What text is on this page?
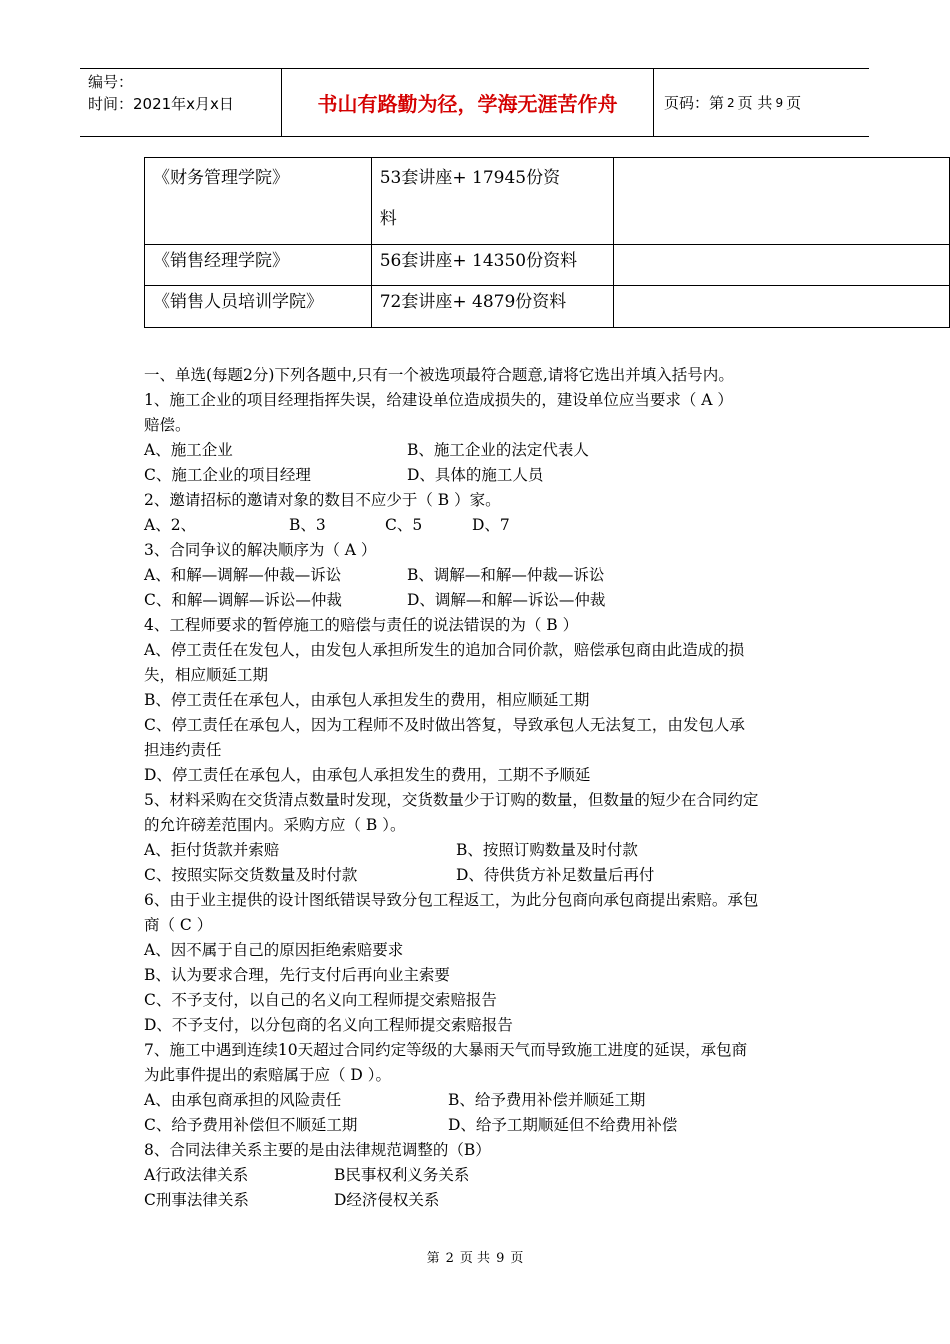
编号：
时间：2021年x月x日	书山有路勤为径，学海无涯苦作舟	页码：第 2 页 共 9 页
《财务管理学院》	53套讲座+ 17945份资
料	

《销售经理学院》	56套讲座+ 14350份资料	
《销售人员培训学院》	72套讲座+ 4879份资料	
一、单选(每题2分)下列各题中,只有一个被选项最符合题意,请将它选出并填入括号内。
1、施工企业的项目经理指挥失误，给建设单位造成损失的，建设单位应当要求（ A ）
赔偿。
A、施工企业	B、施工企业的法定代表人
C、施工企业的项目经理	D、具体的施工人员
2、邀请招标的邀请对象的数目不应少于（ B ）家。
A、2、	B、3	C、5	D、7
3、合同争议的解决顺序为（ A ）
A、和解—调解—仲裁—诉讼	B、调解—和解—仲裁—诉讼
C、和解—调解—诉讼—仲裁	D、调解—和解—诉讼—仲裁
4、工程师要求的暂停施工的赔偿与责任的说法错误的为（ B ）
A、停工责任在发包人，由发包人承担所发生的追加合同价款，赔偿承包商由此造成的损
失，相应顺延工期
B、停工责任在承包人，由承包人承担发生的费用，相应顺延工期
C、停工责任在承包人，因为工程师不及时做出答复，导致承包人无法复工，由发包人承
担违约责任
D、停工责任在承包人，由承包人承担发生的费用，工期不予顺延
5、材料采购在交货清点数量时发现，交货数量少于订购的数量，但数量的短少在合同约定
的允许磅差范围内。采购方应（ B ）。
A、拒付货款并索赔	B、按照订购数量及时付款
C、按照实际交货数量及时付款	D、待供货方补足数量后再付
6、由于业主提供的设计图纸错误导致分包工程返工，为此分包商向承包商提出索赔。承包
商（ C ）
A、因不属于自己的原因拒绝索赔要求
B、认为要求合理，先行支付后再向业主索要
C、不予支付，以自己的名义向工程师提交索赔报告
D、不予支付，以分包商的名义向工程师提交索赔报告
7、施工中遇到连续10天超过合同约定等级的大暴雨天气而导致施工进度的延误，承包商
为此事件提出的索赔属于应（ D ）。
A、由承包商承担的风险责任	B、给予费用补偿并顺延工期
C、给予费用补偿但不顺延工期	D、给予工期顺延但不给费用补偿
8、合同法律关系主要的是由法律规范调整的（B）
A行政法律关系	B民事权利义务关系
C刑事法律关系	D经济侵权关系
第 2 页 共 9 页
